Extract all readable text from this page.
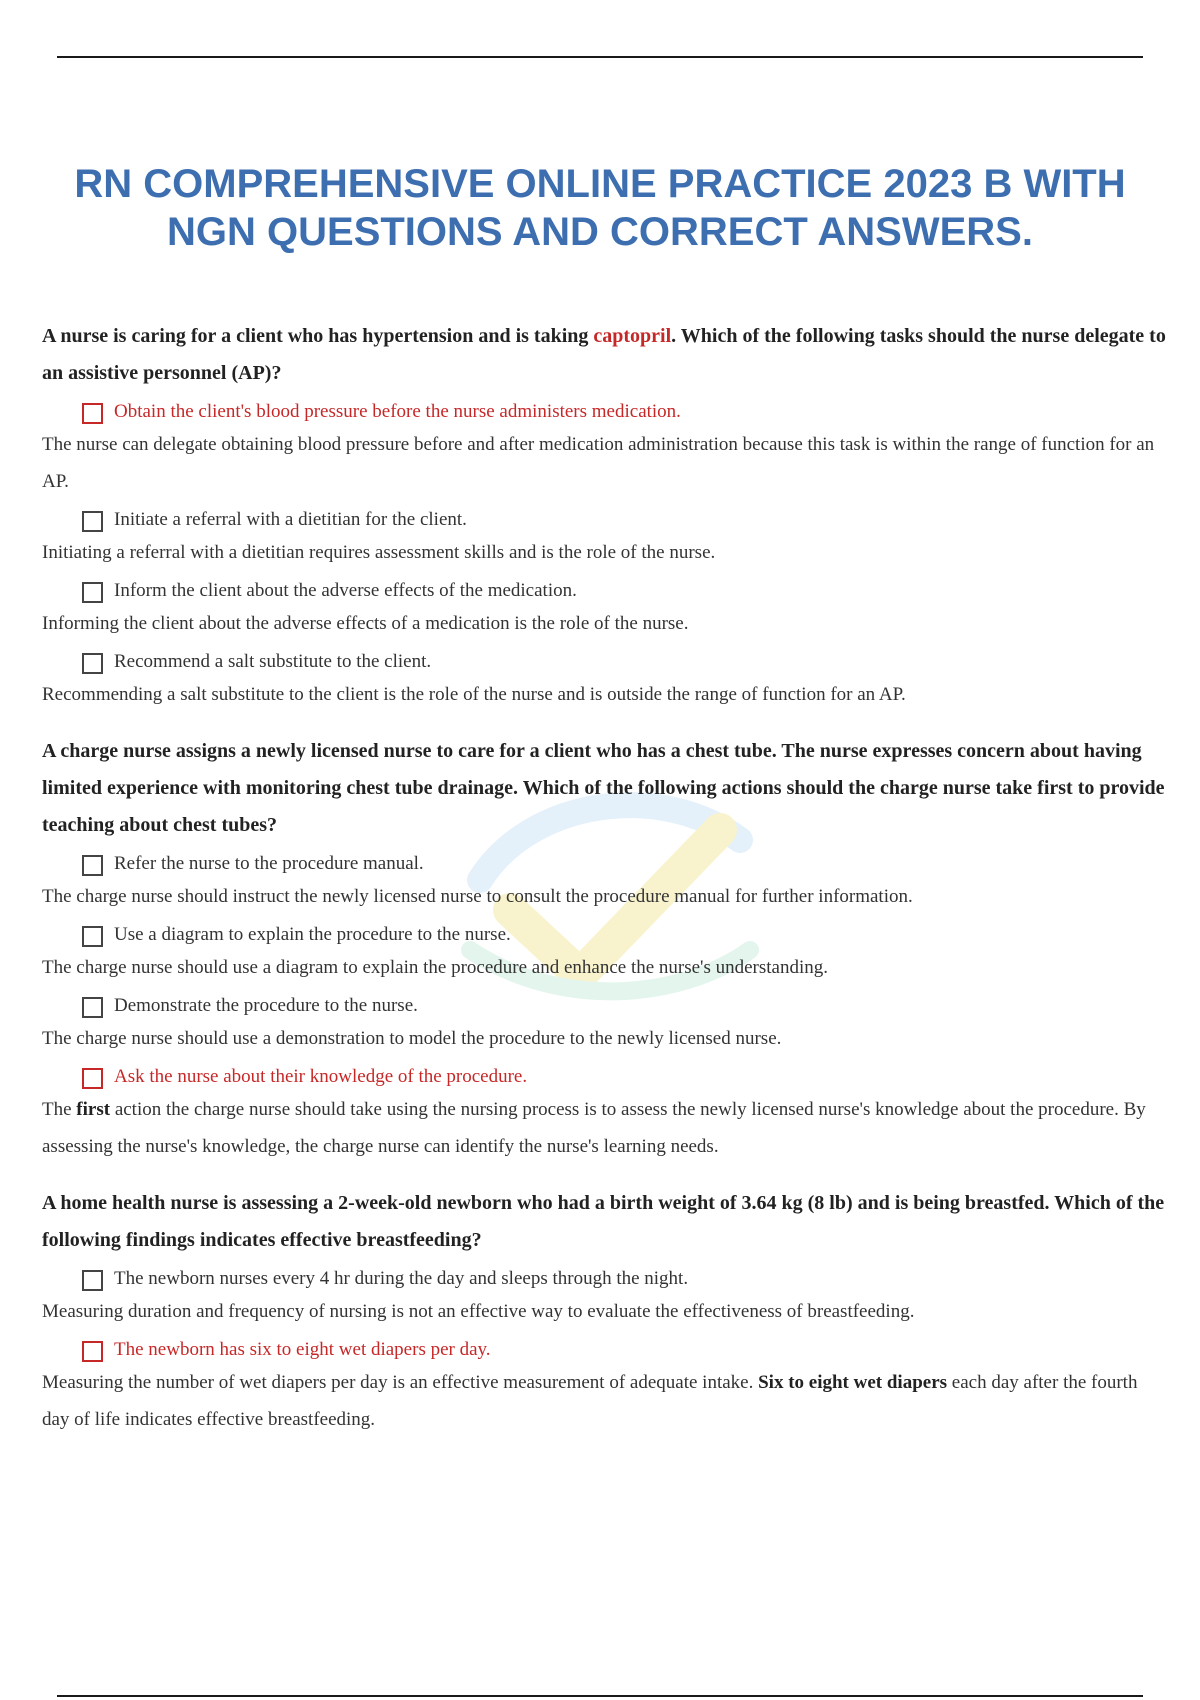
RN COMPREHENSIVE ONLINE PRACTICE 2023 B WITH
NGN QUESTIONS AND CORRECT ANSWERS.

A nurse is caring for a client who has hypertension and is taking captopril. Which of the following tasks should the nurse delegate to an assistive personnel (AP)?

Obtain the client's blood pressure before the nurse administers medication.

The nurse can delegate obtaining blood pressure before and after medication administration because this task is within the range of function for an AP.

Initiate a referral with a dietitian for the client.

Initiating a referral with a dietitian requires assessment skills and is the role of the nurse.

Inform the client about the adverse effects of the medication.

Informing the client about the adverse effects of a medication is the role of the nurse.

Recommend a salt substitute to the client.

Recommending a salt substitute to the client is the role of the nurse and is outside the range of function for an AP.

A charge nurse assigns a newly licensed nurse to care for a client who has a chest tube. The nurse expresses concern about having limited experience with monitoring chest tube drainage. Which of the following actions should the charge nurse take first to provide teaching about chest tubes?

Refer the nurse to the procedure manual.

The charge nurse should instruct the newly licensed nurse to consult the procedure manual for further information.

Use a diagram to explain the procedure to the nurse.

The charge nurse should use a diagram to explain the procedure and enhance the nurse's understanding.

Demonstrate the procedure to the nurse.

The charge nurse should use a demonstration to model the procedure to the newly licensed nurse.

Ask the nurse about their knowledge of the procedure.

The first action the charge nurse should take using the nursing process is to assess the newly licensed nurse's knowledge about the procedure. By assessing the nurse's knowledge, the charge nurse can identify the nurse's learning needs.

A home health nurse is assessing a 2-week-old newborn who had a birth weight of 3.64 kg (8 lb) and is being breastfed. Which of the following findings indicates effective breastfeeding?

The newborn nurses every 4 hr during the day and sleeps through the night.

Measuring duration and frequency of nursing is not an effective way to evaluate the effectiveness of breastfeeding.

The newborn has six to eight wet diapers per day.

Measuring the number of wet diapers per day is an effective measurement of adequate intake. Six to eight wet diapers each day after the fourth day of life indicates effective breastfeeding.
